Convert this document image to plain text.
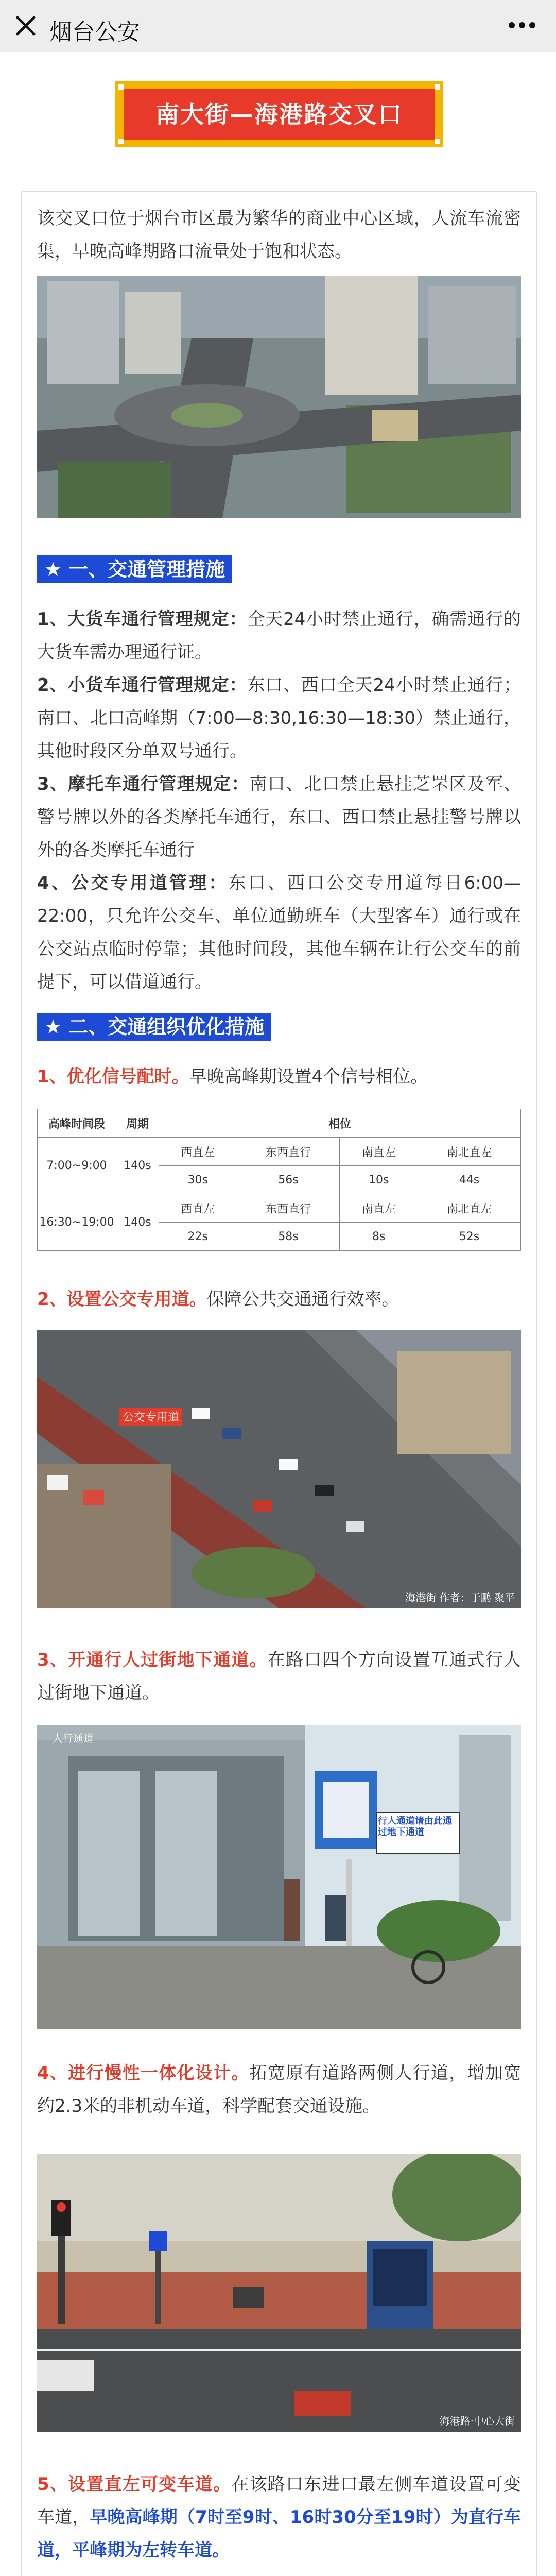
烟台公安
南大街—海港路交叉口
该交叉口位于烟台市区最为繁华的商业中心区域，人流车流密集，早晚高峰期路口流量处于饱和状态。
★ 一、交通管理措施
1、大货车通行管理规定：全天24小时禁止通行，确需通行的大货车需办理通行证。
2、小货车通行管理规定：东口、西口全天24小时禁止通行；南口、北口高峰期（7:00—8:30,16:30—18:30）禁止通行，其他时段区分单双号通行。
3、摩托车通行管理规定：南口、北口禁止悬挂芝罘区及军、警号牌以外的各类摩托车通行，东口、西口禁止悬挂警号牌以外的各类摩托车通行
4、公交专用道管理：东口、西口公交专用道每日6:00—22:00，只允许公交车、单位通勤班车（大型客车）通行或在公交站点临时停靠；其他时间段，其他车辆在让行公交车的前提下，可以借道通行。
★ 二、交通组织优化措施
1、优化信号配时。早晚高峰期设置4个信号相位。
高峰时间段	周期	相位			
7:00~9:00	140s	西直左	东西直行	南直左	南北直左
		30s	56s	10s	44s
16:30~19:00	140s	西直左	东西直行	南直左	南北直左
		22s	58s	8s	52s
2、设置公交专用道。保障公共交通通行效率。
公交专用道
海港街 作者：于鹏 聚平
3、开通行人过街地下通道。在路口四个方向设置互通式行人过街地下通道。
行人通道请由此通过地下通道
人行通道
4、进行慢性一体化设计。拓宽原有道路两侧人行道，增加宽约2.3米的非机动车道，科学配套交通设施。
海港路·中心大街
5、设置直左可变车道。在该路口东进口最左侧车道设置可变车道，早晚高峰期（7时至9时、16时30分至19时）为直行车道，平峰期为左转车道。
